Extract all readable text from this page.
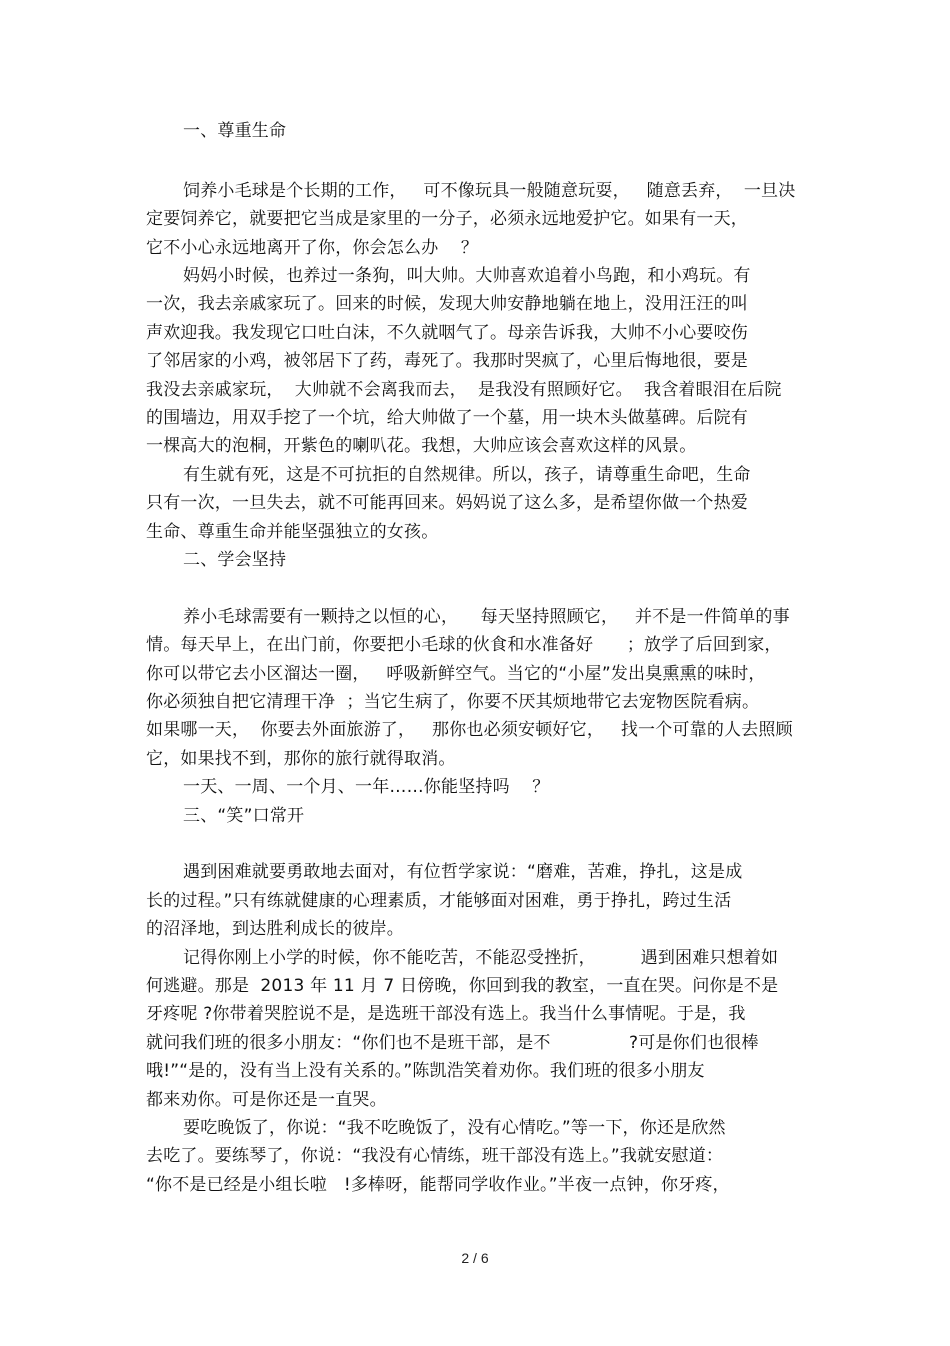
一、尊重生命
饲养小毛球是个长期的工作，   可不像玩具一般随意玩耍，   随意丢弃，  一旦决
定要饲养它，就要把它当成是家里的一分子，必须永远地爱护它。如果有一天，
它不小心永远地离开了你，你会怎么办    ？
妈妈小时候，也养过一条狗，叫大帅。大帅喜欢追着小鸟跑，和小鸡玩。有
一次，我去亲戚家玩了。回来的时候，发现大帅安静地躺在地上，没用汪汪的叫
声欢迎我。我发现它口吐白沫，不久就咽气了。母亲告诉我，大帅不小心要咬伤
了邻居家的小鸡，被邻居下了药，毒死了。我那时哭疯了，心里后悔地很，要是
我没去亲戚家玩，  大帅就不会离我而去，  是我没有照顾好它。  我含着眼泪在后院
的围墙边，用双手挖了一个坑，给大帅做了一个墓，用一块木头做墓碑。后院有
一棵高大的泡桐，开紫色的喇叭花。我想，大帅应该会喜欢这样的风景。
有生就有死，这是不可抗拒的自然规律。所以，孩子，请尊重生命吧，生命
只有一次，一旦失去，就不可能再回来。妈妈说了这么多，是希望你做一个热爱
生命、尊重生命并能坚强独立的女孩。
二、学会坚持
养小毛球需要有一颗持之以恒的心，    每天坚持照顾它，   并不是一件简单的事
情。每天早上，在出门前，你要把小毛球的伙食和水准备好      ；放学了后回到家，
你可以带它去小区溜达一圈，   呼吸新鲜空气。当它的“小屋”发出臭熏熏的味时，
你必须独自把它清理干净  ；当它生病了，你要不厌其烦地带它去宠物医院看病。
如果哪一天，  你要去外面旅游了，   那你也必须安顿好它，   找一个可靠的人去照顾
它，如果找不到，那你的旅行就得取消。
一天、一周、一个月、一年……你能坚持吗    ？
三、“笑”口常开
遇到困难就要勇敢地去面对，有位哲学家说：“磨难，苦难，挣扎，这是成
长的过程。”只有练就健康的心理素质，才能够面对困难，勇于挣扎，跨过生活
的沼泽地，到达胜利成长的彼岸。
记得你刚上小学的时候，你不能吃苦，不能忍受挫折，        遇到困难只想着如
何逃避。那是  2013 年 11 月 7 日傍晚，你回到我的教室，一直在哭。问你是不是
牙疼呢 ?你带着哭腔说不是，是选班干部没有选上。我当什么事情呢。于是，我
就问我们班的很多小朋友：“你们也不是班干部，是不              ?可是你们也很棒
哦!”“是的，没有当上没有关系的。”陈凯浩笑着劝你。我们班的很多小朋友
都来劝你。可是你还是一直哭。
要吃晚饭了，你说：“我不吃晚饭了，没有心情吃。”等一下，你还是欣然
去吃了。要练琴了，你说：“我没有心情练，班干部没有选上。”我就安慰道：
“你不是已经是小组长啦   !多棒呀，能帮同学收作业。”半夜一点钟，你牙疼，
2 / 6
